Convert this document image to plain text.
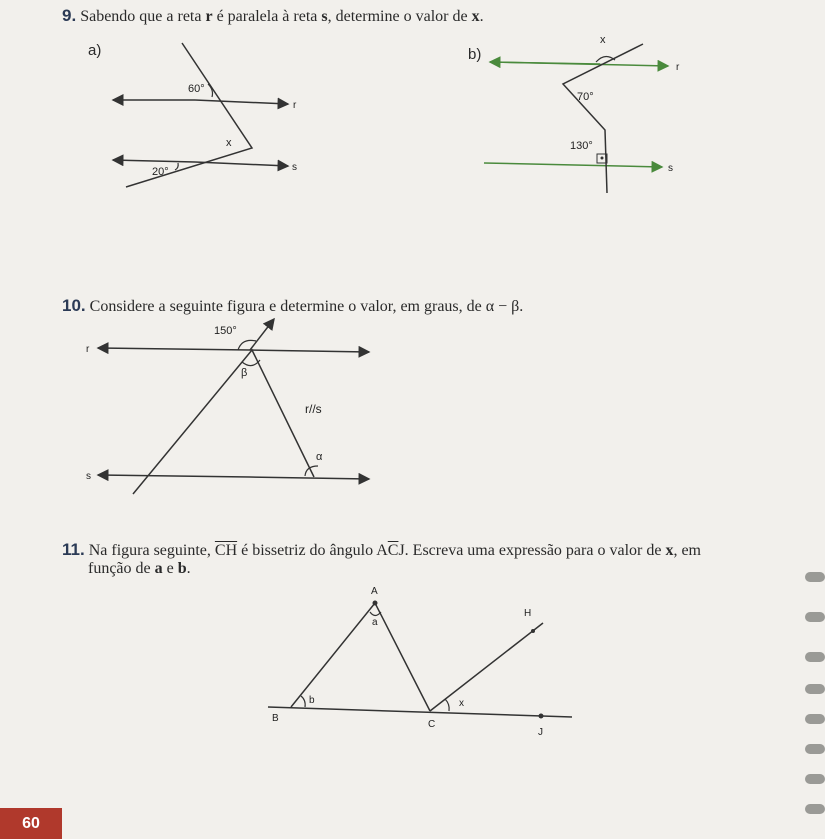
9. Sabendo que a reta r é paralela à reta s, determine o valor de x.
a)
60°
20°
x
r
s
x
70°
130°
r
s
150°
β
α
r//s
r
s
A
H
B
C
J
a
b	x
b)
10. Considere a seguinte figura e determine o valor, em graus, de α − β.
11. Na figura seguinte, $\overline{CH}$ é bissetriz do ângulo $A\overline{C}J$. Escreva uma expressão para o valor de x, em
função de a e b.
60
